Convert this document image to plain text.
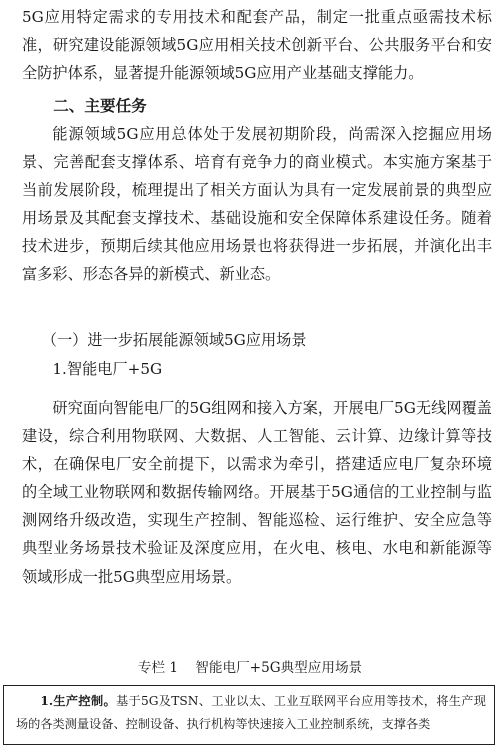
5G应用特定需求的专用技术和配套产品，制定一批重点亟需技术标准，研究建设能源领域5G应用相关技术创新平台、公共服务平台和安全防护体系，显著提升能源领域5G应用产业基础支撑能力。

二、主要任务

能源领域5G应用总体处于发展初期阶段，尚需深入挖掘应用场景、完善配套支撑体系、培育有竞争力的商业模式。本实施方案基于当前发展阶段，梳理提出了相关方面认为具有一定发展前景的典型应用场景及其配套支撑技术、基础设施和安全保障体系建设任务。随着技术进步，预期后续其他应用场景也将获得进一步拓展，并演化出丰富多彩、形态各异的新模式、新业态。

（一）进一步拓展能源领域5G应用场景

1.智能电厂+5G

研究面向智能电厂的5G组网和接入方案，开展电厂5G无线网覆盖建设，综合利用物联网、大数据、人工智能、云计算、边缘计算等技术，在确保电厂安全前提下，以需求为牵引，搭建适应电厂复杂环境的全域工业物联网和数据传输网络。开展基于5G通信的工业控制与监测网络升级改造，实现生产控制、智能巡检、运行维护、安全应急等典型业务场景技术验证及深度应用，在火电、核电、水电和新能源等领域形成一批5G典型应用场景。

专栏 1    智能电厂+5G典型应用场景

1.生产控制。基于5G及TSN、工业以太、工业互联网平台应用等技术，将生产现场的各类测量设备、控制设备、执行机构等快速接入工业控制系统，支撑各类
